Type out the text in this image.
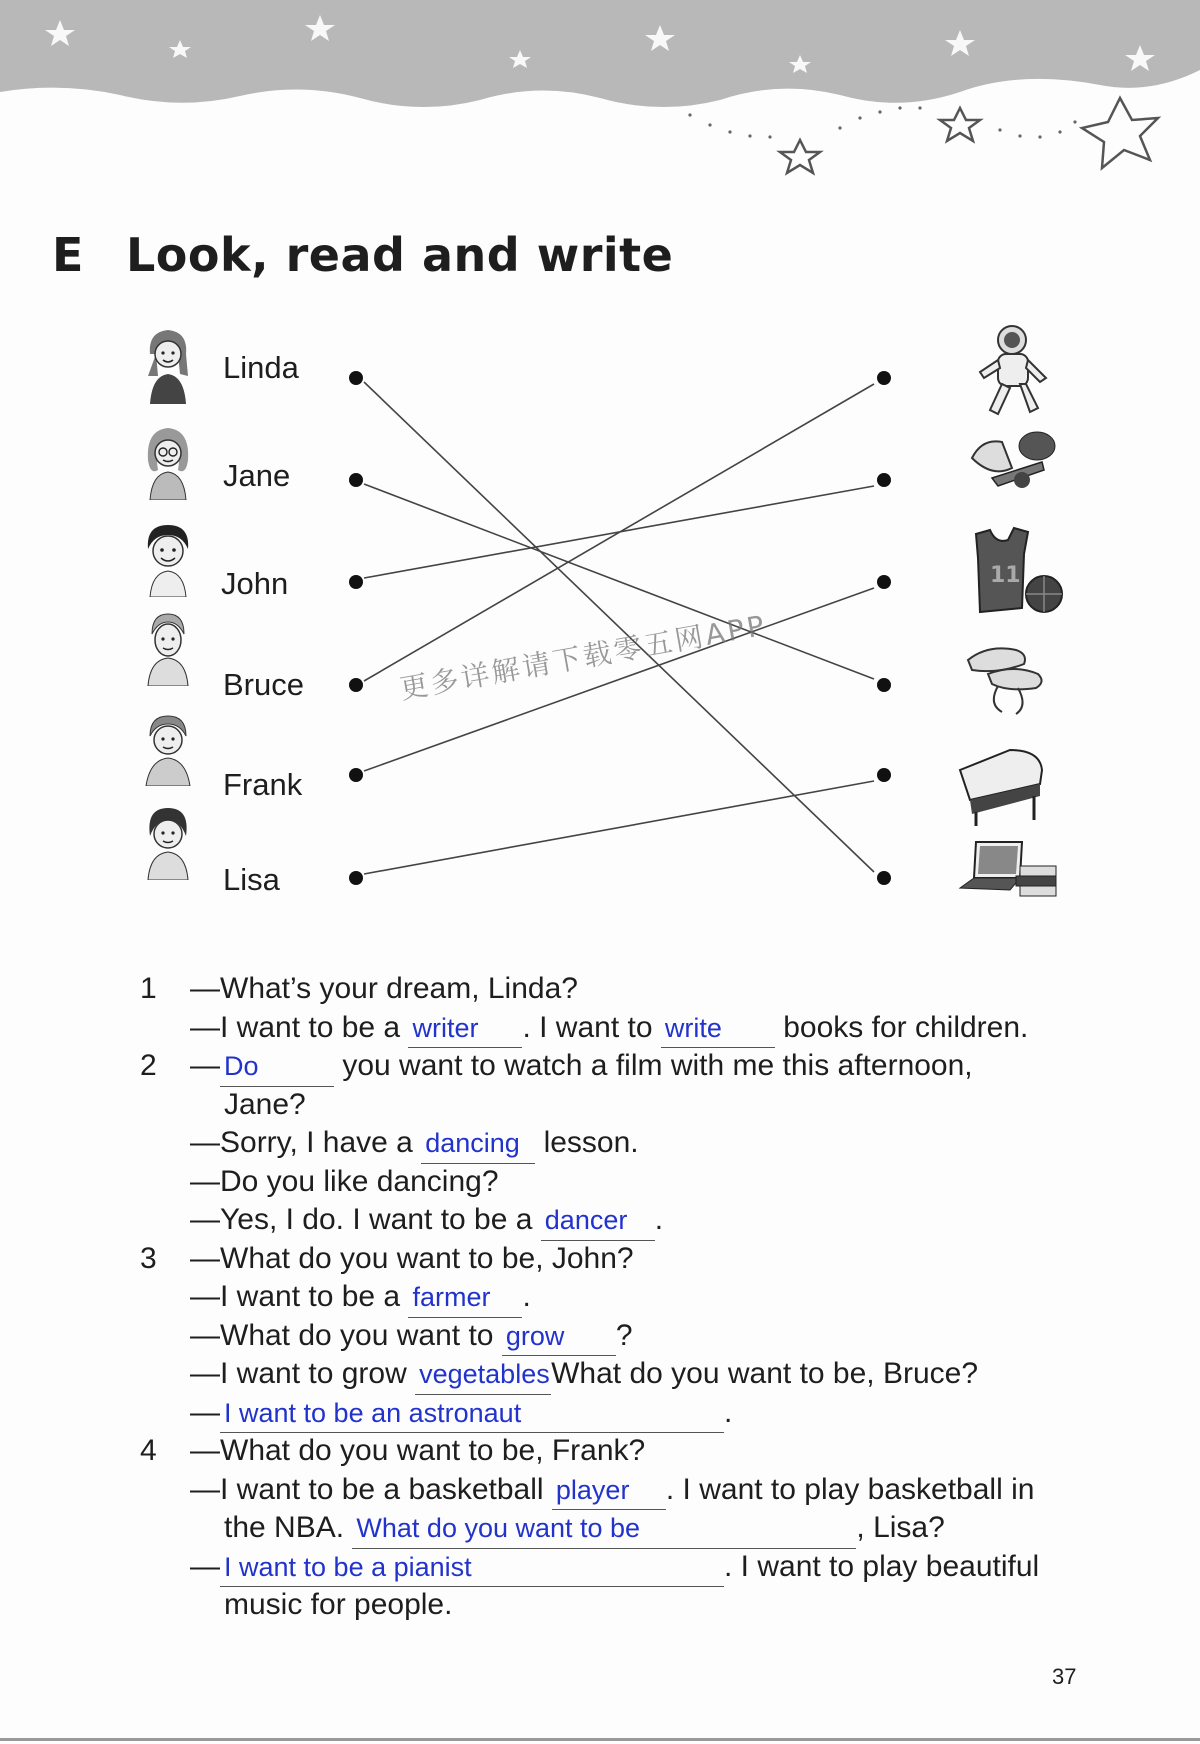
E Look, read and write
Linda
Jane
John
Bruce
Frank
Lisa
11
更多详解请下载零五网APP
1	—What’s your dream, Linda?
—I want to be a writer . I want to write books for children.
2	— Do	you want to watch a film with me this afternoon,
Jane?
—Sorry, I have a dancing lesson.
—Do you like dancing?
—Yes, I do. I want to be a dancer .
3	—What do you want to be, John?
—I want to be a farmer .
—What do you want to grow ?
—I want to grow vegetablesWhat do you want to be, Bruce?
— I want to be an astronaut	.
4	—What do you want to be, Frank?
—I want to be a basketball player . I want to play basketball in
the NBA. What do you want to be	, Lisa?
— I want to be a pianist	. I want to play beautiful
music for people.
37
